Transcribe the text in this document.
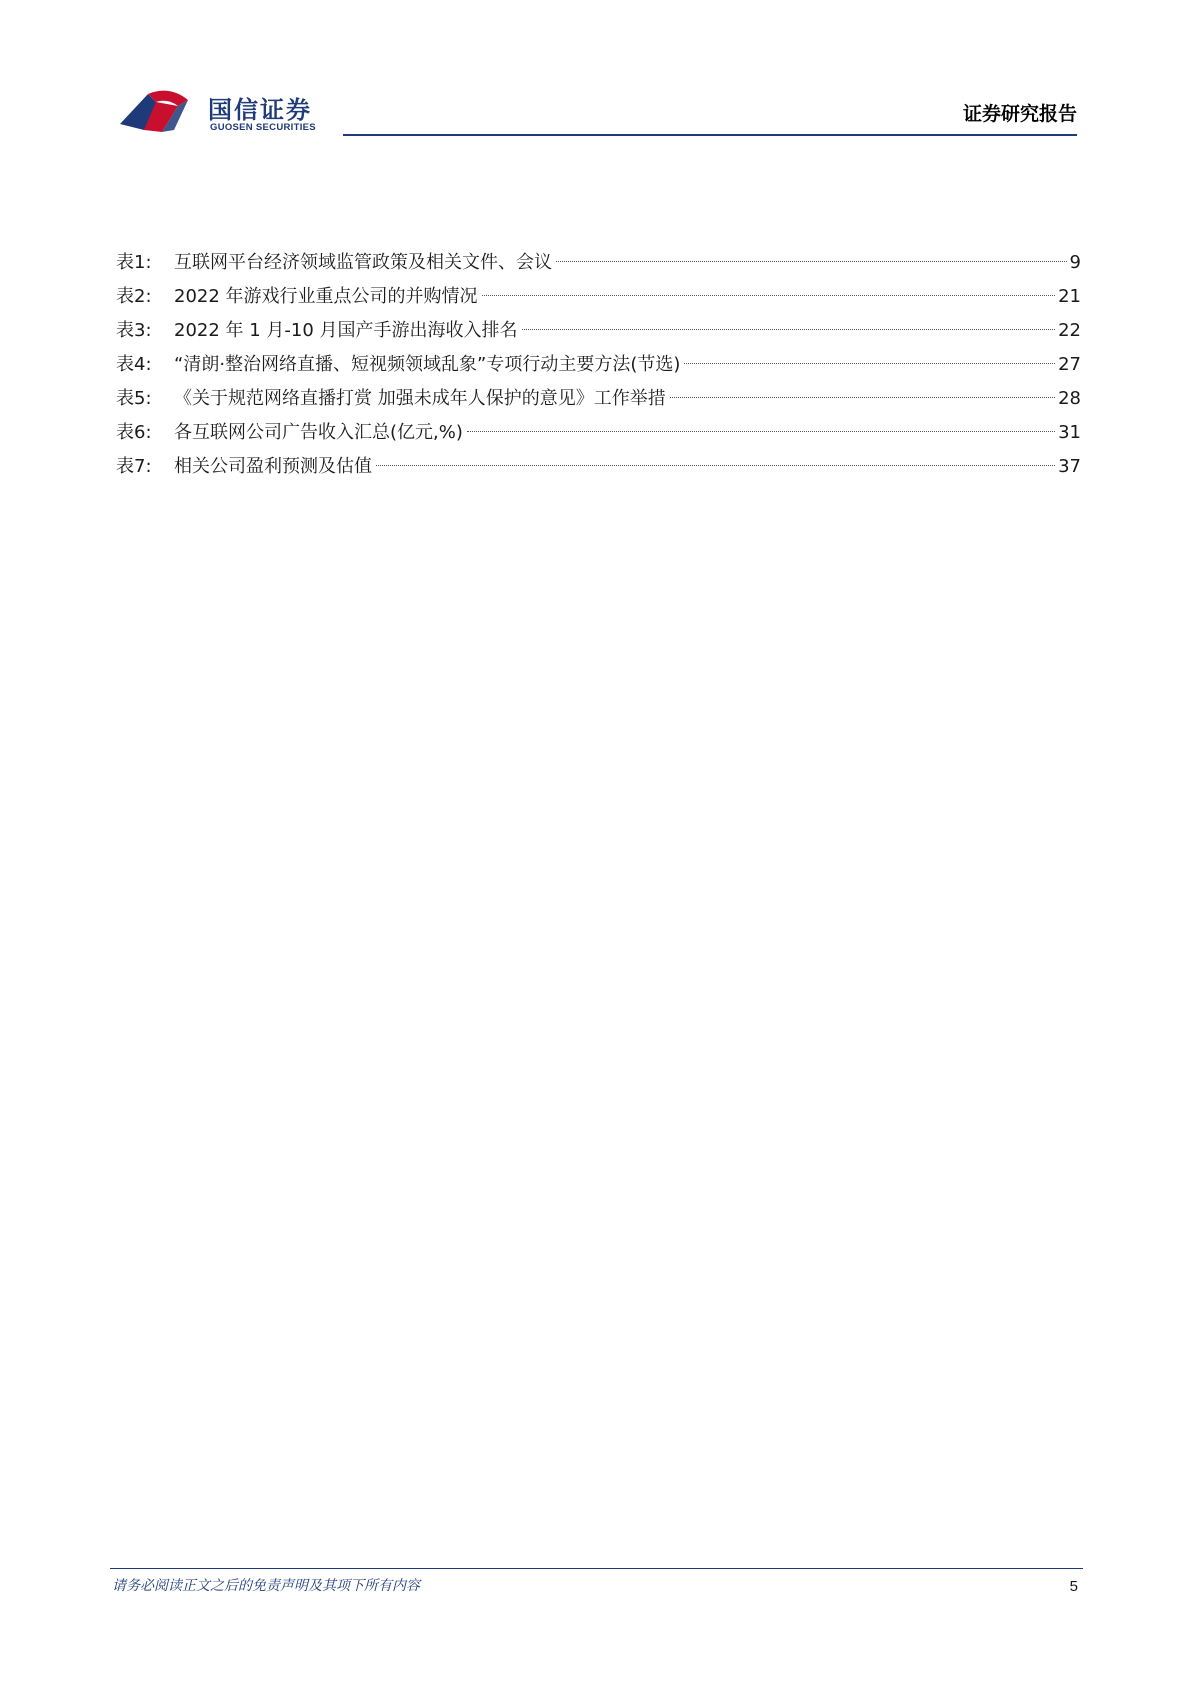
国信证券
GUOSEN SECURITIES
证券研究报告
表1:	互联网平台经济领域监管政策及相关文件、会议	9
表2:	2022 年游戏行业重点公司的并购情况	21
表3:	2022 年 1 月-10 月国产手游出海收入排名	22
表4:	“清朗·整治网络直播、短视频领域乱象”专项行动主要方法(节选)	27
表5:	《关于规范网络直播打赏 加强未成年人保护的意见》工作举措	28
表6:	各互联网公司广告收入汇总(亿元,%)	31
表7:	相关公司盈利预测及估值	37
请务必阅读正文之后的免责声明及其项下所有内容	5
